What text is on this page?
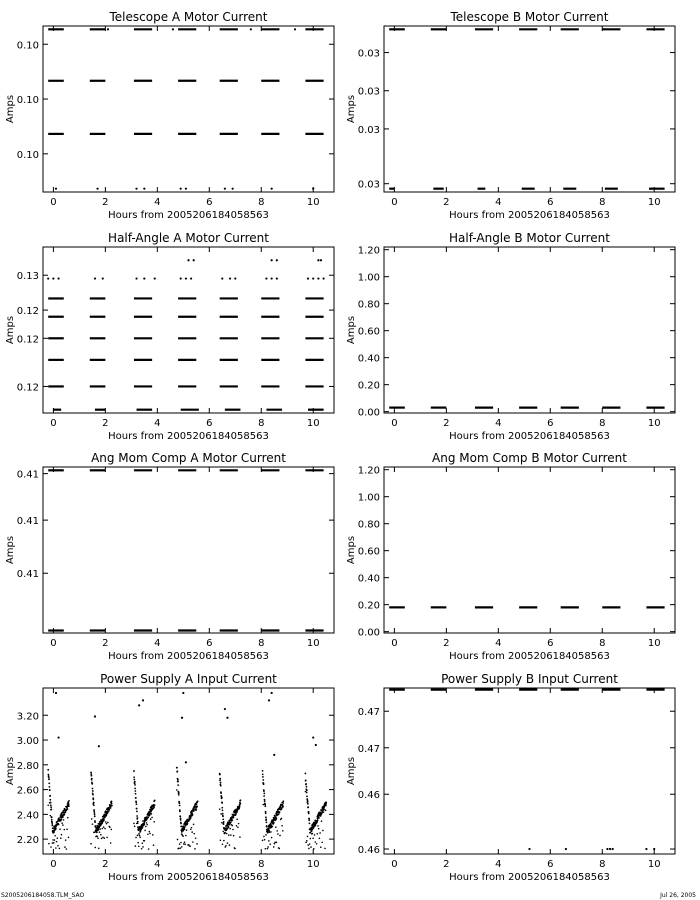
Telescope A Motor Current
Hours from 2005206184058563
Amps
0	2	4	6	8	10
0.10
0.10
0.10
Telescope B Motor Current
Hours from 2005206184058563
Amps
0	2	4	6	8	10
0.03
0.03
0.03
0.03
Half-Angle A Motor Current
Hours from 2005206184058563
Amps
0	2	4	6	8	10
0.12
0.12
0.12
0.13
Half-Angle B Motor Current
Hours from 2005206184058563
Amps
0	2	4	6	8	10
0.00
0.20
0.40
0.60
0.80
1.00
1.20
Ang Mom Comp A Motor Current
Hours from 2005206184058563
Amps
0	2	4	6	8	10
0.41
0.41
0.41
Ang Mom Comp B Motor Current
Hours from 2005206184058563
Amps
0	2	4	6	8	10
0.00
0.20
0.40
0.60
0.80
1.00
1.20
Power Supply A Input Current
Hours from 2005206184058563
Amps
0	2	4	6	8	10
2.20
2.40
2.60
2.80
3.00
3.20
Power Supply B Input Current
Hours from 2005206184058563
Amps
0	2	4	6	8	10
0.46
0.46
0.47
0.47
S2005206184058.TLM_SAO	Jul 26, 2005
